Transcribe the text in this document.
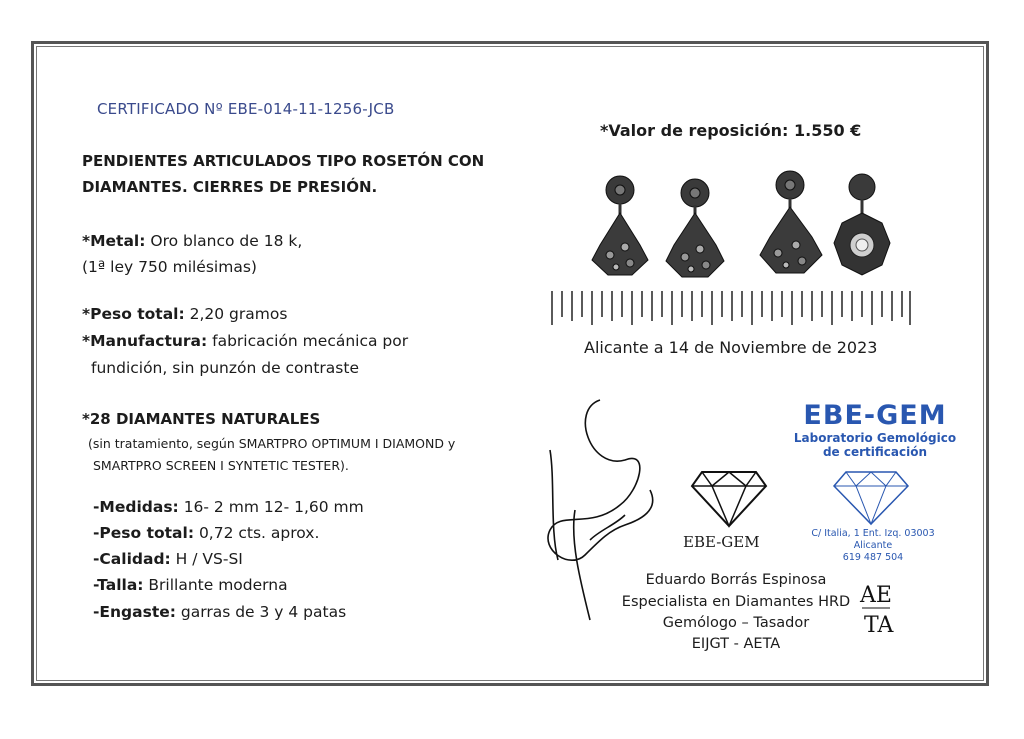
CERTIFICADO Nº EBE-014-11-1256-JCB
PENDIENTES ARTICULADOS TIPO ROSETÓN CON
DIAMANTES. CIERRES DE PRESIÓN.
*Metal: Oro blanco de 18 k,
(1ª ley 750 milésimas)
*Peso total: 2,20 gramos
*Manufactura: fabricación mecánica por
fundición, sin punzón de contraste
*28 DIAMANTES NATURALES
(sin tratamiento, según SMARTPRO OPTIMUM I DIAMOND y
SMARTPRO SCREEN I SYNTETIC TESTER).
-Medidas: 16- 2 mm 12- 1,60 mm
-Peso total: 0,72 cts. aprox.
-Calidad: H / VS-SI
-Talla: Brillante moderna
-Engaste: garras de 3 y 4 patas
*Valor de reposición: 1.550 €
Alicante a 14 de Noviembre de 2023
EBE-GEM
EBE-GEM
Laboratorio Gemológico
de certificación
C/ Italia, 1 Ent. Izq. 03003 Alicante
619 487 504
Eduardo Borrás Espinosa
Especialista en Diamantes HRD
Gemólogo – Tasador
EIJGT - AETA
AE
TA
